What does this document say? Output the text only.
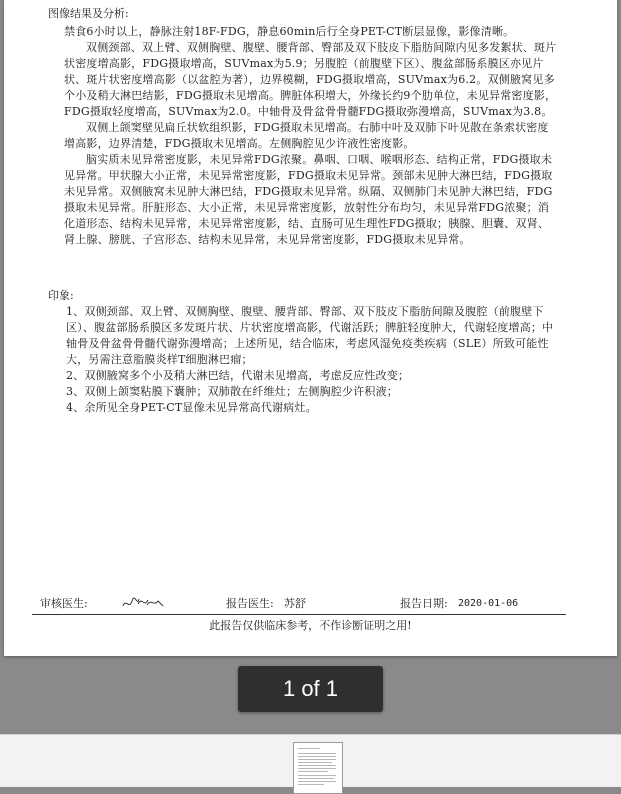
图像结果及分析:

禁食6小时以上，静脉注射18F-FDG，静息60min后行全身PET-CT断层显像，影像清晰。

双侧颈部、双上臂、双侧胸壁、腹壁、腰背部、臀部及双下肢皮下脂肪间隙内见多发絮状、斑片状密度增高影，FDG摄取增高，SUVmax为5.9；另腹腔（前腹壁下区）、腹盆部肠系膜区亦见片状、斑片状密度增高影（以盆腔为著），边界模糊，FDG摄取增高，SUVmax为6.2。双侧腋窝见多个小及稍大淋巴结影，FDG摄取未见增高。脾脏体积增大，外缘长约9个肋单位，未见异常密度影，FDG摄取轻度增高，SUVmax为2.0。中轴骨及骨盆骨骨髓FDG摄取弥漫增高，SUVmax为3.8。

双侧上颌窦壁见扁丘状软组织影，FDG摄取未见增高。右肺中叶及双肺下叶见散在条索状密度增高影，边界清楚，FDG摄取未见增高。左侧胸腔见少许液性密度影。

脑实质未见异常密度影，未见异常FDG浓聚。鼻咽、口咽、喉咽形态、结构正常，FDG摄取未见异常。甲状腺大小正常，未见异常密度影，FDG摄取未见异常。颈部未见肿大淋巴结，FDG摄取未见异常。双侧腋窝未见肿大淋巴结，FDG摄取未见异常。纵隔、双侧肺门未见肿大淋巴结，FDG摄取未见异常。肝脏形态、大小正常，未见异常密度影，放射性分布均匀，未见异常FDG浓聚；消化道形态、结构未见异常，未见异常密度影，结、直肠可见生理性FDG摄取；胰腺、胆囊、双肾、肾上腺、膀胱、子宫形态、结构未见异常，未见异常密度影，FDG摄取未见异常。

印象:
1、双侧颈部、双上臂、双侧胸壁、腹壁、腰背部、臀部、双下肢皮下脂肪间隙及腹腔（前腹壁下区）、腹盆部肠系膜区多发斑片状、片状密度增高影，代谢活跃；脾脏轻度肿大，代谢轻度增高；中轴骨及骨盆骨骨髓代谢弥漫增高；上述所见，结合临床，考虑风湿免疫类疾病（SLE）所致可能性大，另需注意脂膜炎样T细胞淋巴瘤；
2、双侧腋窝多个小及稍大淋巴结，代谢未见增高，考虑反应性改变；
3、双侧上颌窦粘膜下囊肿；双肺散在纤维灶；左侧胸腔少许积液；
4、余所见全身PET-CT显像未见异常高代谢病灶。
审核医生:	报告医生: 苏舒	报告日期: 2020-01-06
此报告仅供临床参考，不作诊断证明之用!
1 of 1
